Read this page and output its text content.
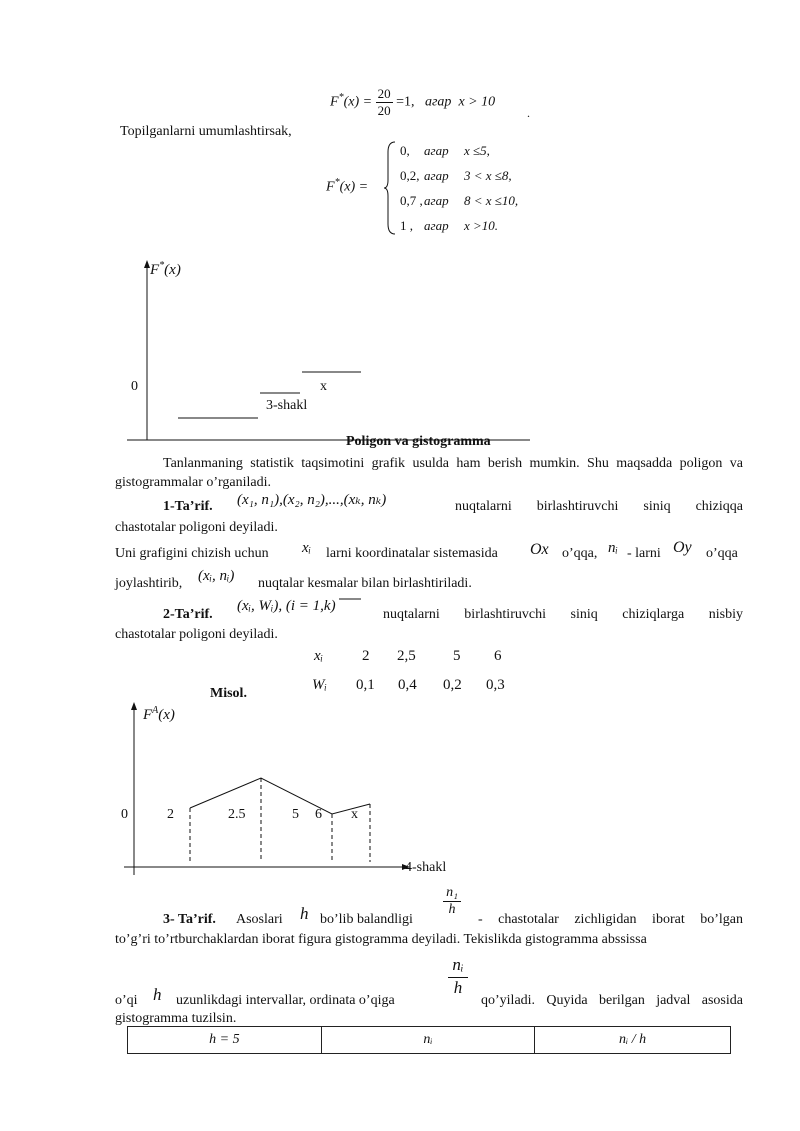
$F^*(x) = \frac{20}{20} =1$, агар x > 10
.
Topilganlarni umumlashtirsak,
F*(x) =
0, агар x ≤5,
0,2, агар 3 < x ≤8,
0,7 , агар 8 < x ≤10,
1 , агар x >10.
F*(x)
0	x
3-shakl
Poligon va gistogramma
Tanlanmaning statistik taqsimotini grafik usulda ham berish mumkin. Shu maqsadda poligon va gistogrammalar o’rganiladi.
1-Ta’rif. (x₁, n₁),(x₂, n₂),...,(xₖ, nₖ)	nuqtalarni birlashtiruvchi siniq chiziqqa
chastotalar poligoni deyiladi.
Uni grafigini chizish uchun xᵢ larni koordinatalar sistemasida Ox o’qqa, nᵢ - larni Oy o’qqa
joylashtirib, (xᵢ, nᵢ) nuqtalar kesmalar bilan birlashtiriladi.
2-Ta’rif.
(xᵢ, Wᵢ), (i = 1,k)
nuqtalarni birlashtiruvchi siniq chiziqlarga nisbiy
chastotalar poligoni deyiladi.
xᵢ	2 2,5 5 6
Wᵢ 0,1 0,4 0,2 0,3
Misol.
$F^A(x)$
0	2	2.5	5 6 x
4-shakl
3- Ta’rif. Asoslari h bo’lib balandligi
n₁
h
- chastotalar zichligidan iborat bo’lgan
to’g’ri to’rtburchaklardan iborat figura gistogramma deyiladi. Tekislikda gistogramma abssissa
o’qi h uzunlikdagi intervallar, ordinata o’qiga
nᵢ
h
qo’yiladi. Quyida berilgan jadval asosida
gistogramma tuzilsin.
h = 5	nᵢ	nᵢ / h
